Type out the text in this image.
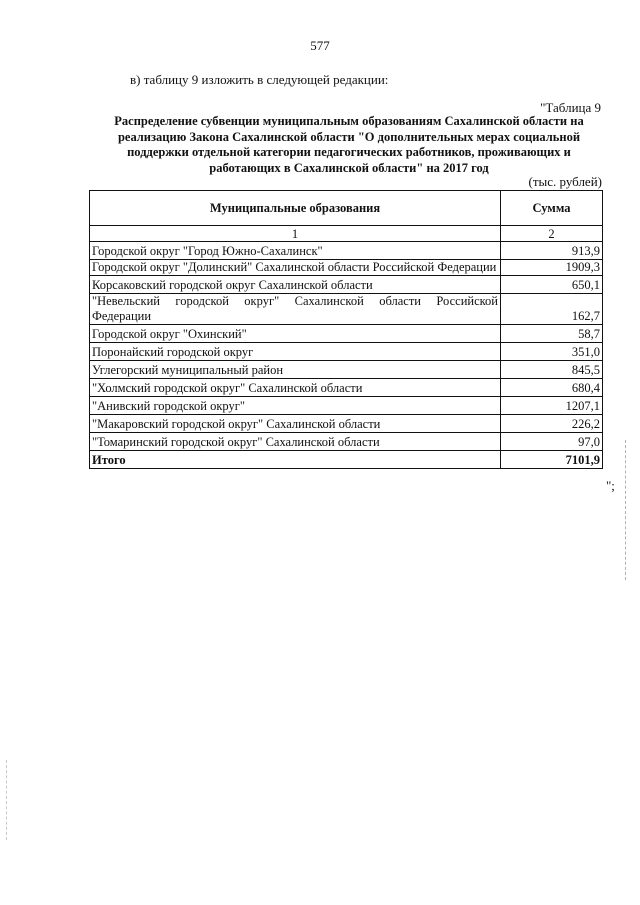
577
в) таблицу 9 изложить в следующей редакции:
"Таблица 9
Распределение субвенции муниципальным образованиям Сахалинской области на реализацию Закона Сахалинской области "О дополнительных мерах социальной поддержки отдельной категории педагогических работников, проживающих и работающих в Сахалинской области" на 2017 год
(тыс. рублей)
Муниципальные образования	Сумма
1	2
Городской округ "Город Южно-Сахалинск"	913,9
Городской округ "Долинский" Сахалинской области Российской Федерации	1909,3
Корсаковский городской округ Сахалинской области	650,1
"Невельский городской округ" Сахалинской области Российской Федерации	162,7
Городской округ "Охинский"	58,7
Поронайский городской округ	351,0
Углегорский муниципальный район	845,5
"Холмский городской округ" Сахалинской области	680,4
"Анивский городской округ"	1207,1
"Макаровский городской округ" Сахалинской области	226,2
"Томаринский городской округ" Сахалинской области	97,0
Итого	7101,9
";
